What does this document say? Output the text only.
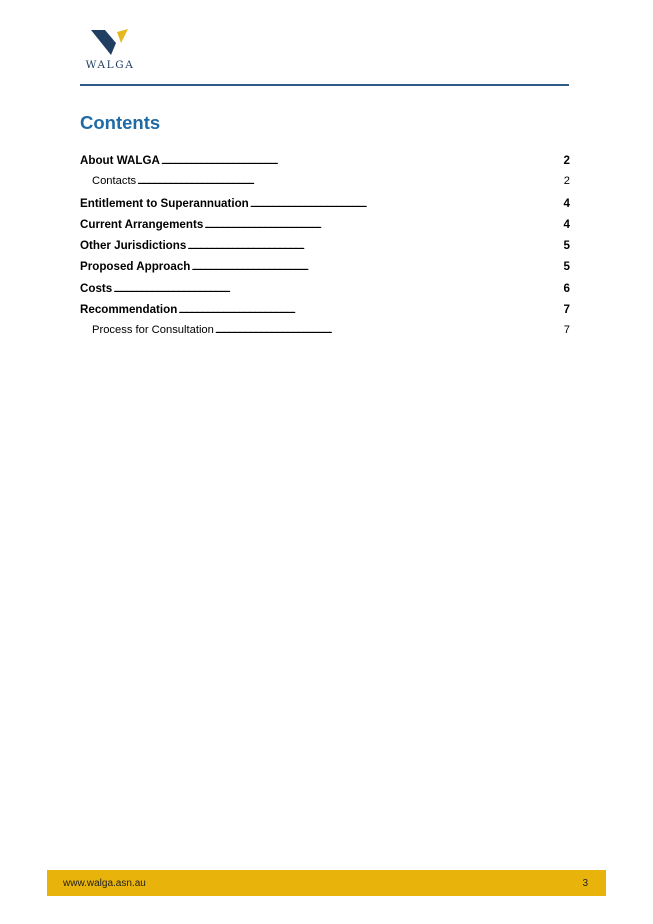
WALGA
Contents
About WALGA . . .	2
Contacts . . .	2
Entitlement to Superannuation . . .	4
Current Arrangements . . .	4
Other Jurisdictions . . .	5
Proposed Approach . . .	5
Costs . . .	6
Recommendation . . .	7
Process for Consultation . . .	7
www.walga.asn.au	3
